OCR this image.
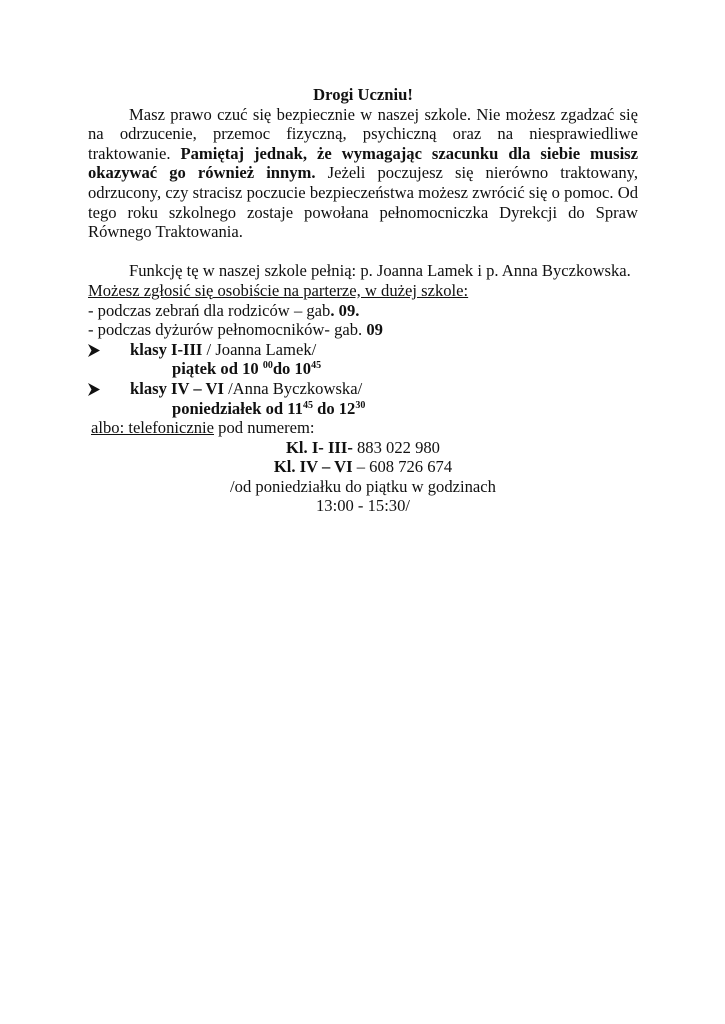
Drogi Uczniu!

Masz prawo czuć się bezpiecznie w naszej szkole. Nie możesz zgadzać się na odrzucenie, przemoc fizyczną, psychiczną oraz na niesprawiedliwe traktowanie. Pamiętaj jednak, że wymagając szacunku dla siebie musisz okazywać go również innym. Jeżeli poczujesz się nierówno traktowany, odrzucony, czy stracisz poczucie bezpieczeństwa możesz zwrócić się o pomoc. Od tego roku szkolnego zostaje powołana pełnomocniczka Dyrekcji do Spraw Równego Traktowania.

Funkcję tę w naszej szkole pełnią: p. Joanna Lamek i p. Anna Byczkowska.

Możesz zgłosić się osobiście na parterze, w dużej szkole:

- podczas zebrań dla rodziców – gab. 09.

- podczas dyżurów pełnomocników- gab. 09

klasy I-III / Joanna Lamek/

piątek od 10 $^{00}$do $10^{45}$

klasy IV – VI /Anna Byczkowska/

poniedziałek od $11^{45}$ do $12^{30}$

albo: telefonicznie pod numerem:

Kl. I- III- 883 022 980

Kl. IV – VI – 608 726 674

/od poniedziałku do piątku w godzinach

13:00 - 15:30/
